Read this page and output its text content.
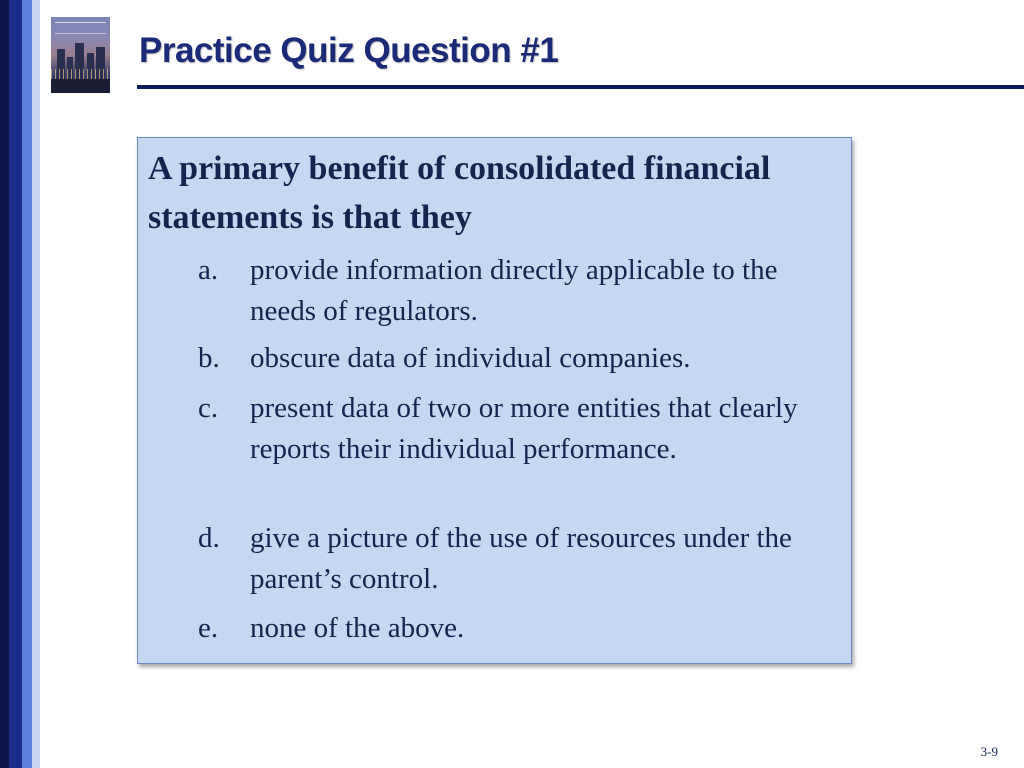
Practice Quiz Question #1

A primary benefit of consolidated financial statements is that they

a. provide information directly applicable to the needs of regulators.
b. obscure data of individual companies.
c. present data of two or more entities that clearly reports their individual performance.
d. give a picture of the use of resources under the parent’s control.
e. none of the above.
3-9
